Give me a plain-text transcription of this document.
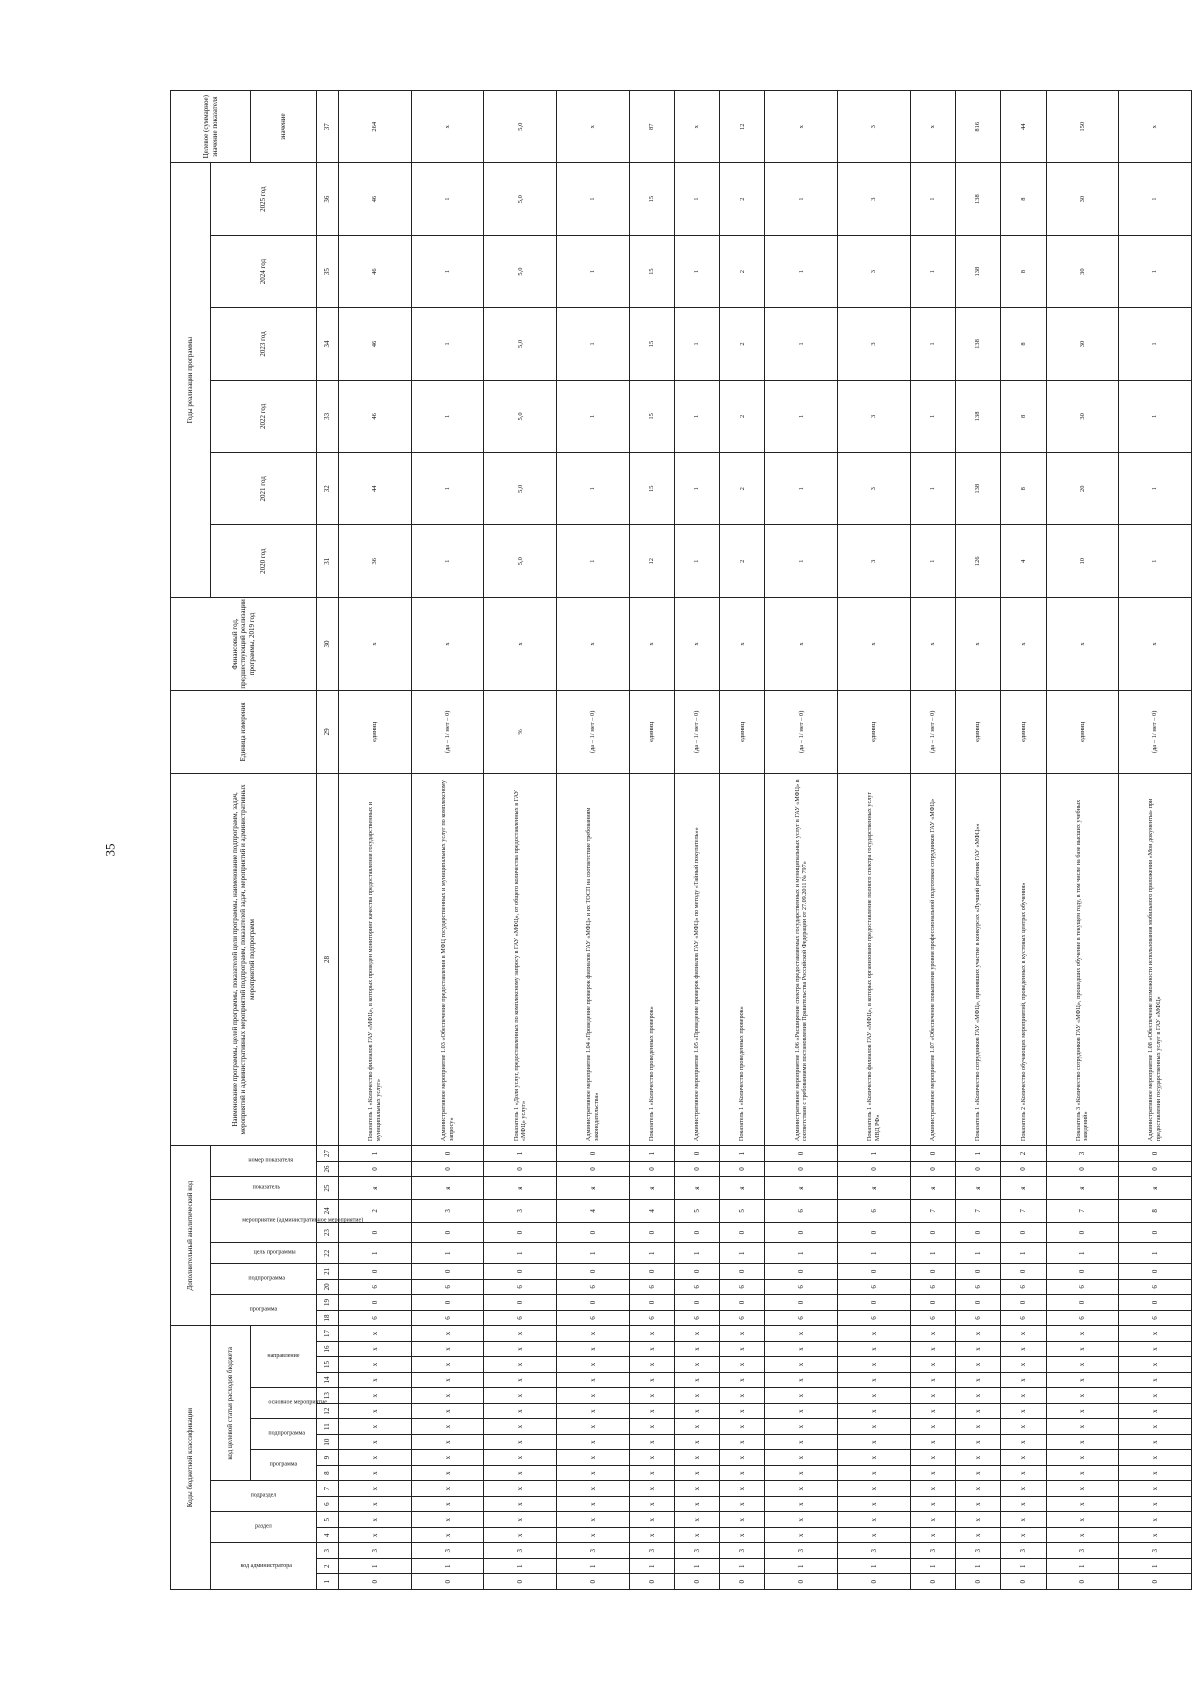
35
Коды бюджетной классификации																	Дополнительный аналитический код										Наименование программы, целей программы, показателей цели программы, наименование подпрограмм, задач, мероприятий и административных мероприятий подпрограмм, показателей задач, мероприятий и административных мероприятий подпрограмм	Единица измерения	Финансовый год, предшествующий реализации программы, 2019 год	Годы реализации программы						Целевое (суммарное) значение показателя

код администратора			раздел		подраздел		код целевой статьи расходов бюджета										программа		подпрограмма		цель программы	мероприятие (административное мероприятие)		показатель	номер показателя					2020 год	2021 год	2022 год	2023 год	2024 год	2025 год	

							программа		подпрограмма		основное мероприятие		направление																							значение
1	2	3	4	5	6	7	8	9	10	11	12	13	14	15	16	17	18	19	20	21	22	23	24	25	26	27	28	29	30	31	32	33	34	35	36	37
0	1	3	x	x	x	x	x	x	x	x	x	x	x	x	x	x	6	0	6	0	1	0	2	я	0	1	Показатель 1 «Количество филиалов ГАУ «МФЦ», в которых проведен мониторинг качества предоставления государственных и муниципальных услуг»	единиц	x	36	44	46	46	46	46	264
0	1	3	x	x	x	x	x	x	x	x	x	x	x	x	x	x	6	0	6	0	1	0	3	я	0	0	Административное мероприятие 1.03 «Обеспечение предоставления в МФЦ государственных и муниципальных услуг по комплексному запросу»	(да – 1/ нет – 0)	x	1	1	1	1	1	1	x
0	1	3	x	x	x	x	x	x	x	x	x	x	x	x	x	x	6	0	6	0	1	0	3	я	0	1	Показатель 1 «Доля услуг, предоставленных по комплексному запросу в ГАУ «МФЦ», от общего количества предоставленных в ГАУ «МФЦ» услуг»	%	x	5,0	5,0	5,0	5,0	5,0	5,0	5,0
0	1	3	x	x	x	x	x	x	x	x	x	x	x	x	x	x	6	0	6	0	1	0	4	я	0	0	Административное мероприятие 1.04 «Проведение проверок филиалов ГАУ «МФЦ» и их ТОСП на соответствие требованиям законодательства»	(да – 1/ нет – 0)	x	1	1	1	1	1	1	x
0	1	3	x	x	x	x	x	x	x	x	x	x	x	x	x	x	6	0	6	0	1	0	4	я	0	1	Показатель 1 «Количество проведенных проверок»	единиц	x	12	15	15	15	15	15	87
0	1	3	x	x	x	x	x	x	x	x	x	x	x	x	x	x	6	0	6	0	1	0	5	я	0	0	Административное мероприятие 1.05 «Проведение проверок филиалов ГАУ «МФЦ» по методу «Тайный покупатель»»	(да – 1/ нет – 0)	x	1	1	1	1	1	1	x
0	1	3	x	x	x	x	x	x	x	x	x	x	x	x	x	x	6	0	6	0	1	0	5	я	0	1	Показатель 1 «Количество проведенных проверок»	единиц	x	2	2	2	2	2	2	12
0	1	3	x	x	x	x	x	x	x	x	x	x	x	x	x	x	6	0	6	0	1	0	6	я	0	0	Административное мероприятие 1.06 «Расширение спектра предоставляемых государственных и муниципальных услуг в ГАУ «МФЦ» в соответствии с требованиями постановления Правительства Российской Федерации от 27.09.2011 № 797»	(да – 1/ нет – 0)	x	1	1	1	1	1	1	x
0	1	3	x	x	x	x	x	x	x	x	x	x	x	x	x	x	6	0	6	0	1	0	6	я	0	1	Показатель 1 «Количество филиалов ГАУ «МФЦ», в которых организовано предоставление полного спектра государственных услуг МВД РФ»	единиц	x	3	3	3	3	3	3	3
0	1	3	x	x	x	x	x	x	x	x	x	x	x	x	x	x	6	0	6	0	1	0	7	я	0	0	Административное мероприятие 1.07 «Обеспечение повышения уровня профессиональной подготовки сотрудников ГАУ «МФЦ»	(да – 1/ нет – 0)	x	1	1	1	1	1	1	x
0	1	3	x	x	x	x	x	x	x	x	x	x	x	x	x	x	6	0	6	0	1	0	7	я	0	1	Показатель 1 «Количество сотрудников ГАУ «МФЦ», принявших участие в конкурсах «Лучший работник ГАУ «МФЦ»»	единиц	x	126	138	138	138	138	138	816
0	1	3	x	x	x	x	x	x	x	x	x	x	x	x	x	x	6	0	6	0	1	0	7	я	0	2	Показатель 2 «Количество обучающих мероприятий, проведенных в кустовых центрах обучения»	единиц	x	4	8	8	8	8	8	44
0	1	3	x	x	x	x	x	x	x	x	x	x	x	x	x	x	6	0	6	0	1	0	7	я	0	3	Показатель 3 «Количество сотрудников ГАУ «МФЦ», прошедших обучение в текущем году, в том числе на базе высших учебных заведений»	единиц	x	10	20	30	30	30	30	150
0	1	3	x	x	x	x	x	x	x	x	x	x	x	x	x	x	6	0	6	0	1	0	8	я	0	0	Административное мероприятие 1.08 «Обеспечение возможности использования мобильного приложения «Мои документы» при предоставлении государственных услуг в ГАУ «МФЦ»	(да – 1/ нет – 0)	x	1	1	1	1	1	1	x
